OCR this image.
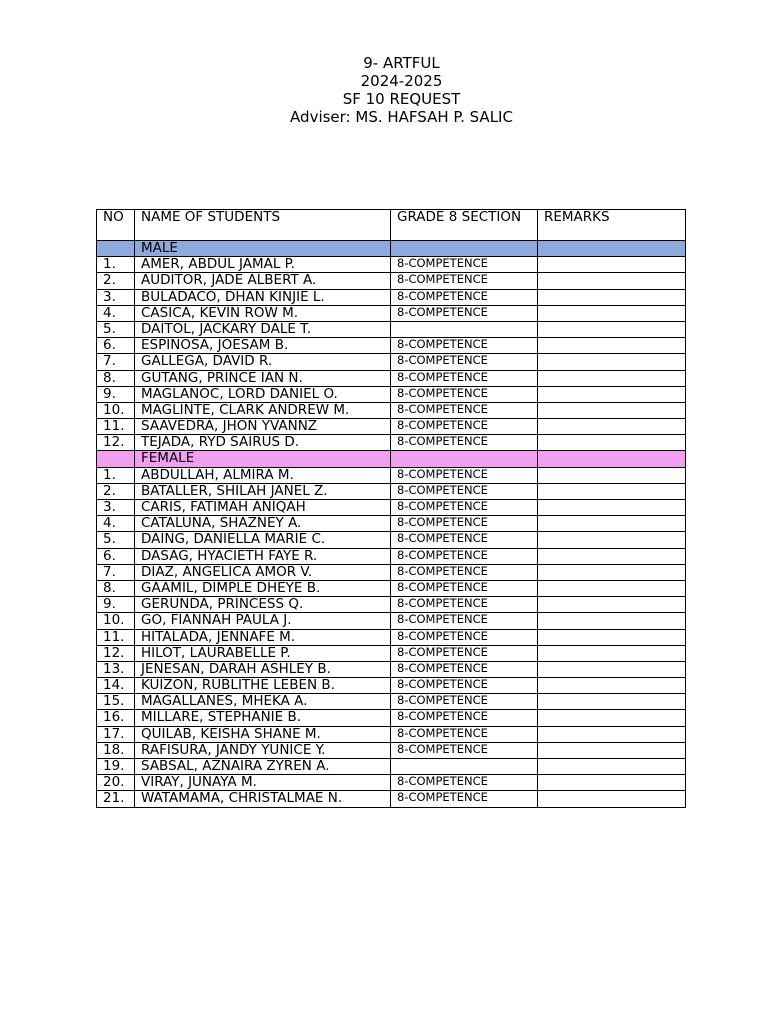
9- ARTFUL
2024-2025
SF 10 REQUEST
Adviser: MS. HAFSAH P. SALIC
NO	NAME OF STUDENTS	GRADE 8 SECTION	REMARKS
	MALE		
1.	AMER, ABDUL JAMAL P.	8-COMPETENCE	
2.	AUDITOR, JADE ALBERT A.	8-COMPETENCE	
3.	BULADACO, DHAN KINJIE L.	8-COMPETENCE	
4.	CASICA, KEVIN ROW M.	8-COMPETENCE	
5.	DAITOL, JACKARY DALE T.		
6.	ESPINOSA, JOESAM B.	8-COMPETENCE	
7.	GALLEGA, DAVID R.	8-COMPETENCE	
8.	GUTANG, PRINCE IAN N.	8-COMPETENCE	
9.	MAGLANOC, LORD DANIEL O.	8-COMPETENCE	
10.	MAGLINTE, CLARK ANDREW M.	8-COMPETENCE	
11.	SAAVEDRA, JHON YVANNZ	8-COMPETENCE	
12.	TEJADA, RYD SAIRUS D.	8-COMPETENCE	
	FEMALE		
1.	ABDULLAH, ALMIRA M.	8-COMPETENCE	
2.	BATALLER, SHILAH JANEL Z.	8-COMPETENCE	
3.	CARIS, FATIMAH ANIQAH	8-COMPETENCE	
4.	CATALUNA, SHAZNEY A.	8-COMPETENCE	
5.	DAING, DANIELLA MARIE C.	8-COMPETENCE	
6.	DASAG, HYACIETH FAYE R.	8-COMPETENCE	
7.	DIAZ, ANGELICA AMOR V.	8-COMPETENCE	
8.	GAAMIL, DIMPLE DHEYE B.	8-COMPETENCE	
9.	GERUNDA, PRINCESS Q.	8-COMPETENCE	
10.	GO, FIANNAH PAULA J.	8-COMPETENCE	
11.	HITALADA, JENNAFE M.	8-COMPETENCE	
12.	HILOT, LAURABELLE P.	8-COMPETENCE	
13.	JENESAN, DARAH ASHLEY B.	8-COMPETENCE	
14.	KUIZON, RUBLITHE LEBEN B.	8-COMPETENCE	
15.	MAGALLANES, MHEKA A.	8-COMPETENCE	
16.	MILLARE, STEPHANIE B.	8-COMPETENCE	
17.	QUILAB, KEISHA SHANE M.	8-COMPETENCE	
18.	RAFISURA, JANDY YUNICE Y.	8-COMPETENCE	
19.	SABSAL, AZNAIRA ZYREN A.		
20.	VIRAY, JUNAYA M.	8-COMPETENCE	
21.	WATAMAMA, CHRISTALMAE N.	8-COMPETENCE	
